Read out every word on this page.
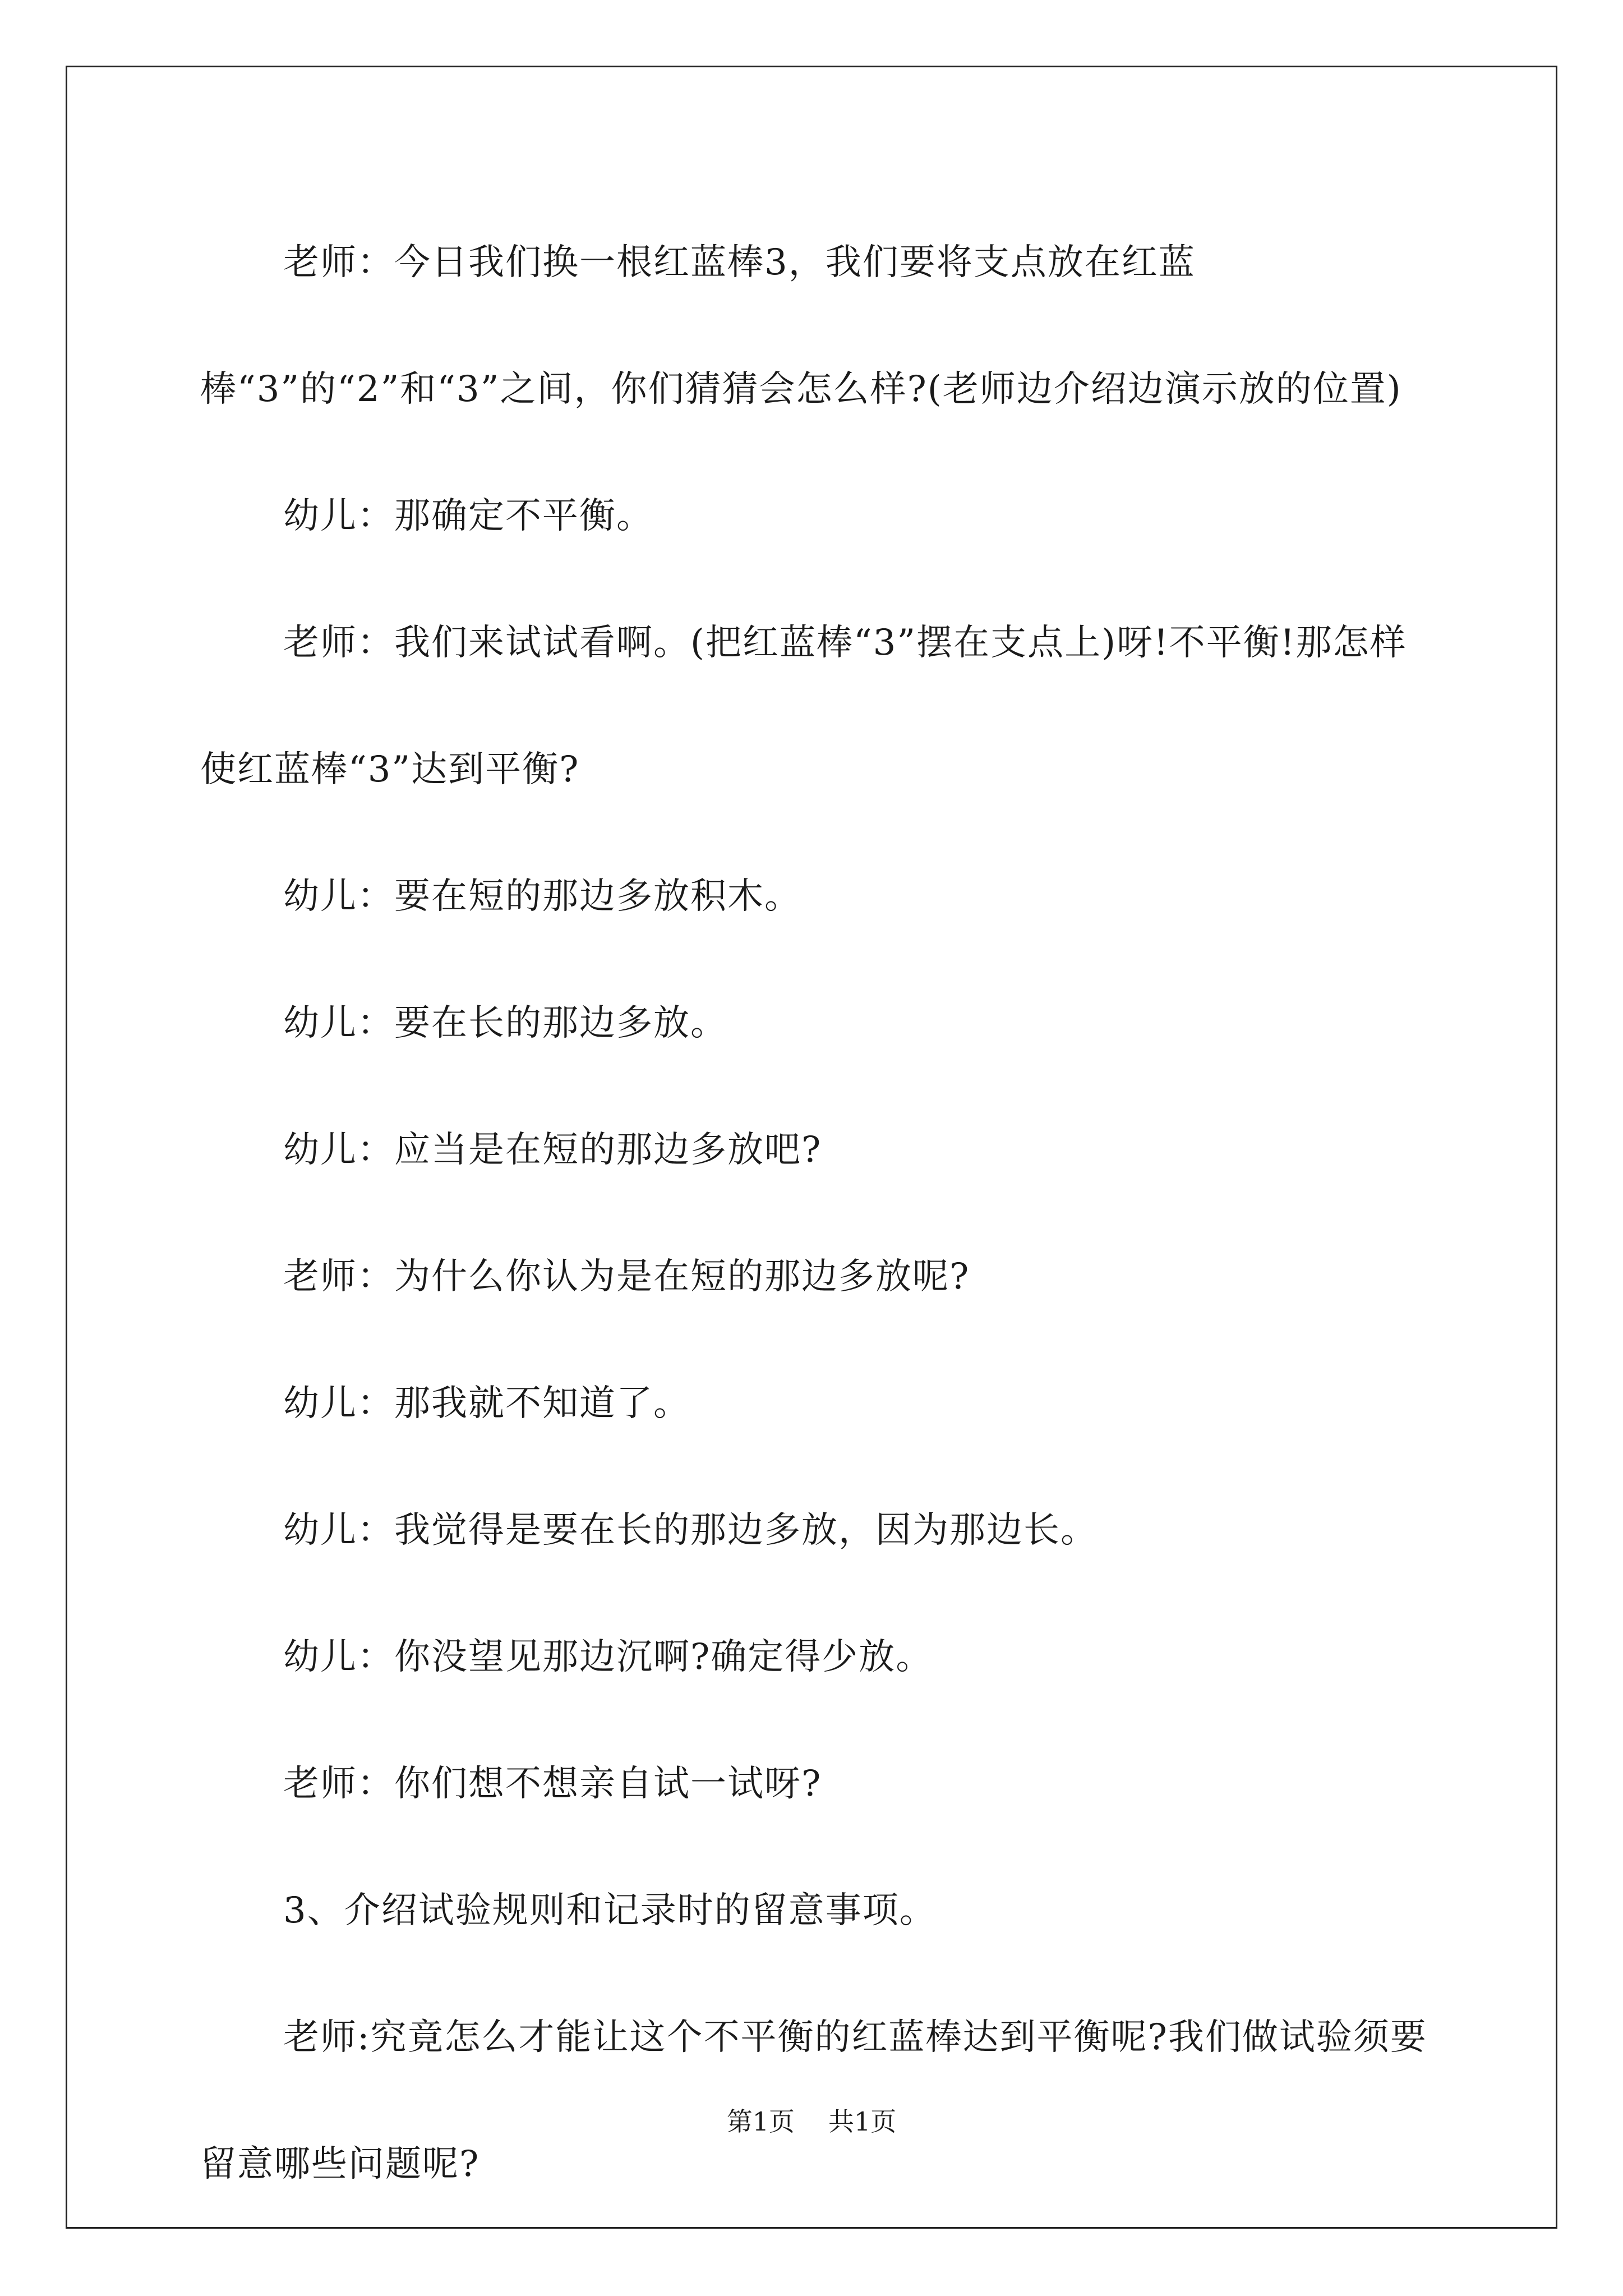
老师：今日我们换一根红蓝棒3，我们要将支点放在红蓝棒“3”的“2”和“3”之间，你们猜猜会怎么样?(老师边介绍边演示放的位置)

幼儿：那确定不平衡。

老师：我们来试试看啊。(把红蓝棒“3”摆在支点上)呀!不平衡!那怎样使红蓝棒“3”达到平衡?

幼儿：要在短的那边多放积木。

幼儿：要在长的那边多放。

幼儿：应当是在短的那边多放吧?

老师：为什么你认为是在短的那边多放呢?

幼儿：那我就不知道了。

幼儿：我觉得是要在长的那边多放，因为那边长。

幼儿：你没望见那边沉啊?确定得少放。

老师：你们想不想亲自试一试呀?

3、介绍试验规则和记录时的留意事项。

老师:究竟怎么才能让这个不平衡的红蓝棒达到平衡呢?我们做试验须要留意哪些问题呢?

第1页 共1页
